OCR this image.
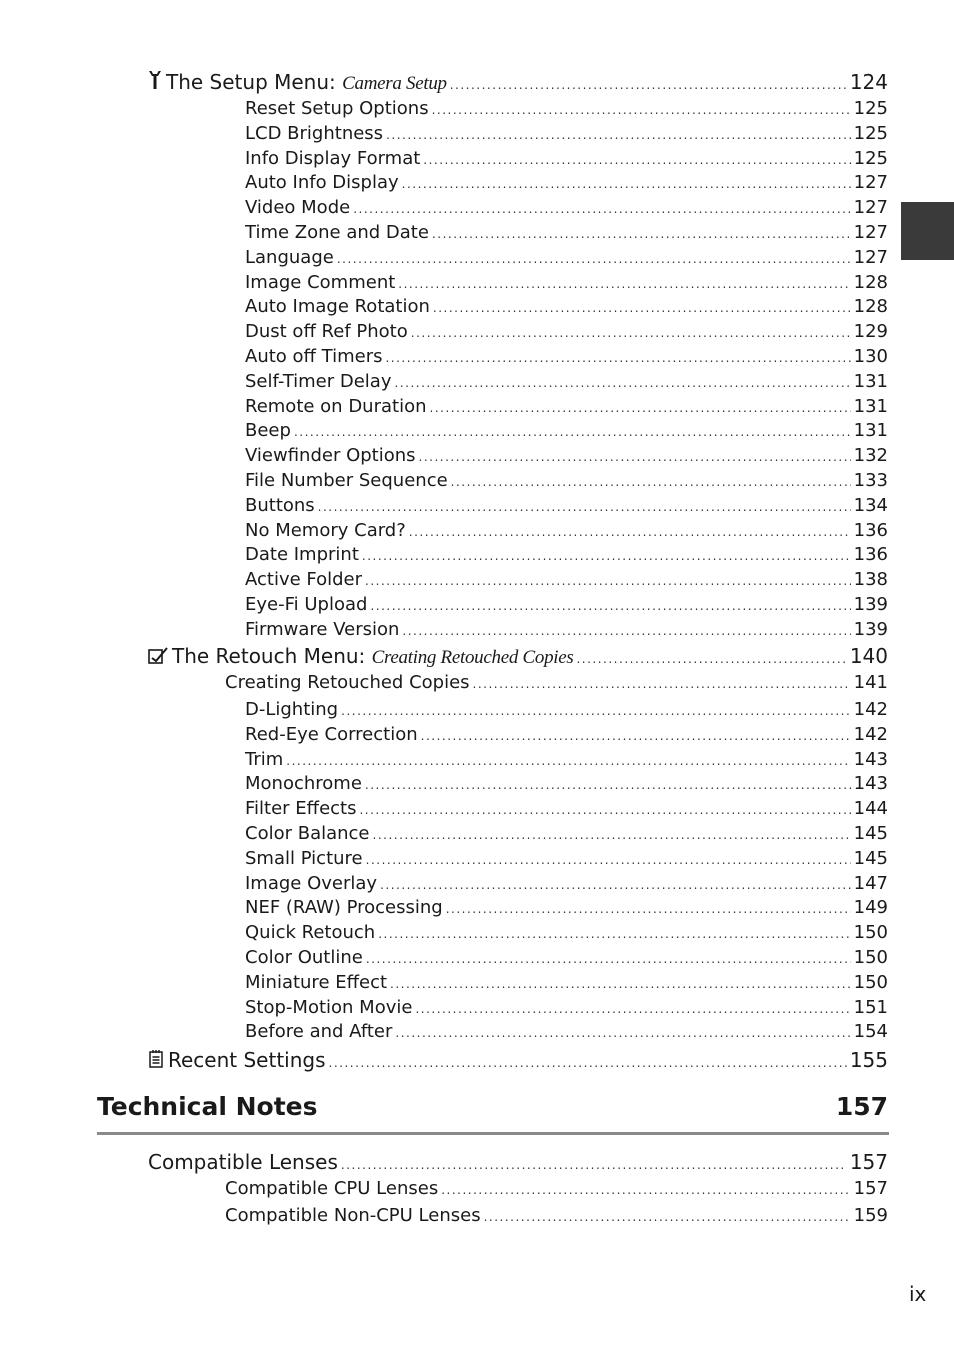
The Setup Menu: Camera Setup .....	124
Reset Setup Options .....	125
LCD Brightness .....	125
Info Display Format .....	125
Auto Info Display .....	127
Video Mode .....	127
Time Zone and Date .....	127
Language .....	127
Image Comment .....	128
Auto Image Rotation .....	128
Dust off Ref Photo .....	129
Auto off Timers .....	130
Self-Timer Delay .....	131
Remote on Duration .....	131
Beep .....	131
Viewfinder Options .....	132
File Number Sequence .....	133
Buttons .....	134
No Memory Card? .....	136
Date Imprint .....	136
Active Folder .....	138
Eye-Fi Upload .....	139
Firmware Version .....	139
The Retouch Menu: Creating Retouched Copies .....	140
Creating Retouched Copies .....	141
D-Lighting .....	142
Red-Eye Correction .....	142
Trim .....	143
Monochrome .....	143
Filter Effects .....	144
Color Balance .....	145
Small Picture .....	145
Image Overlay .....	147
NEF (RAW) Processing .....	149
Quick Retouch .....	150
Color Outline .....	150
Miniature Effect .....	150
Stop-Motion Movie .....	151
Before and After .....	154
Recent Settings .....	155
Technical Notes	157
Compatible Lenses .....	157
Compatible CPU Lenses .....	157
Compatible Non-CPU Lenses .....	159
ix
